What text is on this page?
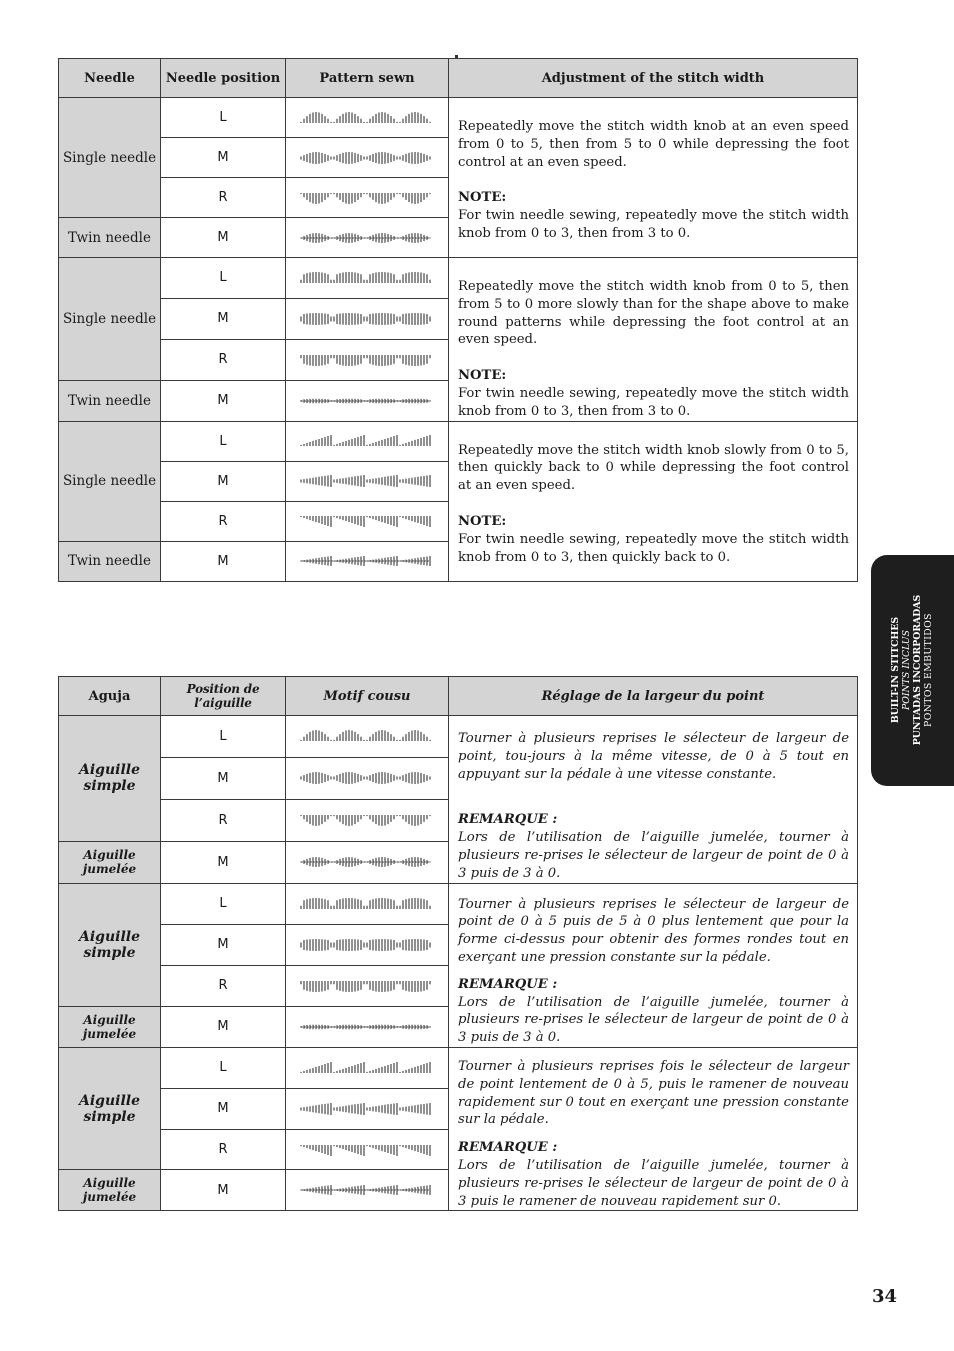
Needle	Needle position	Pattern sewn	Adjustment of the stitch width
Single needle	L		Repeatedly move the stitch width knob at an even speed from 0 to 5, then from 5 to 0 while depressing the foot control at an even speed.

NOTE:

For twin needle sewing, repeatedly move the stitch width knob from 0 to 3, then from 3 to 0.

	M	

	R	

Twin needle	M	

Single needle	L		Repeatedly move the stitch width knob from 0 to 5, then from 5 to 0 more slowly than for the shape above to make round patterns while depressing the foot control at an even speed.

NOTE:

For twin needle sewing, repeatedly move the stitch width knob from 0 to 3, then from 3 to 0.

	M	

	R	

Twin needle	M	

Single needle	L		Repeatedly move the stitch width knob slowly from 0 to 5, then quickly back to 0 while depressing the foot control at an even speed.

NOTE:

For twin needle sewing, repeatedly move the stitch width knob from 0 to 3, then quickly back to 0.

	M	

	R	

Twin needle	M	
Aguja	Position de l’aiguille	Motif cousu	Réglage de la largeur du point
Aiguille simple	L		Tourner à plusieurs reprises le sélecteur de largeur de point, tou-jours à la même vitesse, de 0 à 5 tout en appuyant sur la pédale à une vitesse constante.

REMARQUE :

Lors de l’utilisation de l’aiguille jumelée, tourner à plusieurs re-prises le sélecteur de largeur de point de 0 à 3 puis de 3 à 0.

	M	

	R	

Aiguille jumelée	M	

Aiguille simple	L		Tourner à plusieurs reprises le sélecteur de largeur de point de 0 à 5 puis de 5 à 0 plus lentement que pour la forme ci-dessus pour obtenir des formes rondes tout en exerçant une pression constante sur la pédale.

REMARQUE :

Lors de l’utilisation de l’aiguille jumelée, tourner à plusieurs re-prises le sélecteur de largeur de point de 0 à 3 puis de 3 à 0.

	M	

	R	

Aiguille jumelée	M	

Aiguille simple	L		Tourner à plusieurs reprises fois le sélecteur de largeur de point lentement de 0 à 5, puis le ramener de nouveau rapidement sur 0 tout en exerçant une pression constante sur la pédale.

REMARQUE :

Lors de l’utilisation de l’aiguille jumelée, tourner à plusieurs re-prises le sélecteur de largeur de point de 0 à 3 puis le ramener de nouveau rapidement sur 0.

	M	

	R	

Aiguille jumelée	M	
BUILT-IN STITCHES POINTS INCLUS PUNTADAS INCORPORADAS PONTOS EMBUTIDOS
34
